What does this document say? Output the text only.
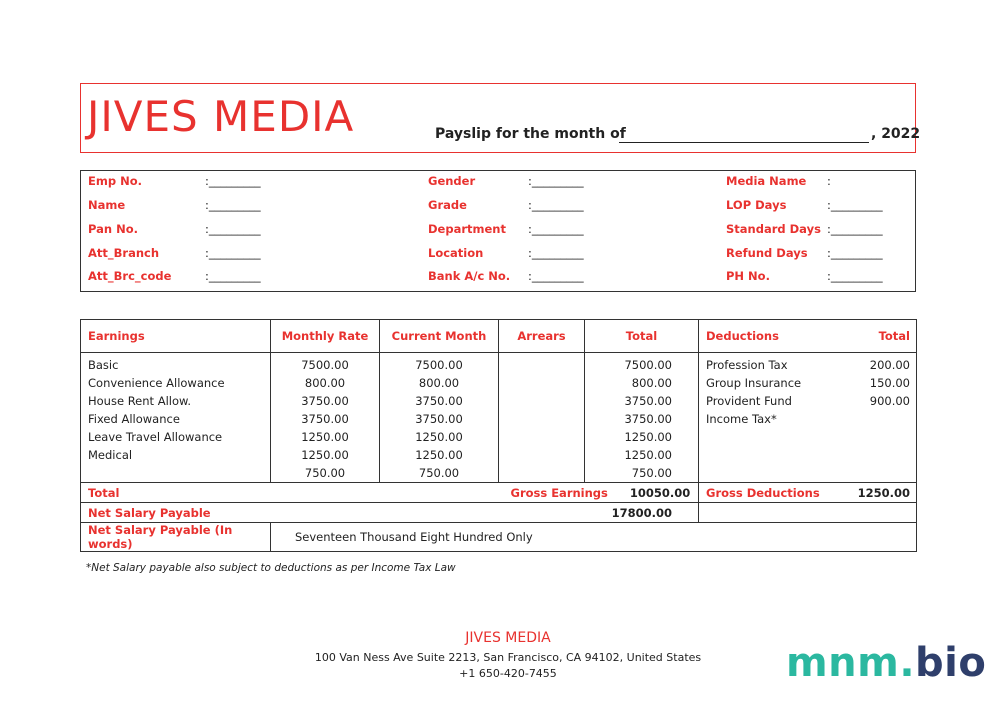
JIVES MEDIA	Payslip for the month of	, 2022
Emp No.	:_________
Name	:_________
Pan No.	:_________
Att_Branch	:_________
Att_Brc_code	:_________
Gender	:_________
Grade	:_________
Department :_________
Location	:_________
Bank A/c No. :_________
Media Name :
LOP Days	:_________
Standard Days :_________
Refund Days :_________
PH No.	:_________
Earnings	Monthly Rate	Current Month	Arrears	Total	Deductions	Total
Basic	7500.00	7500.00		7500.00	Profession Tax	200.00
Convenience Allowance	800.00	800.00		800.00	Group Insurance	150.00
House Rent Allow.	3750.00	3750.00		3750.00	Provident Fund	900.00
Fixed Allowance	3750.00	3750.00		3750.00	Income Tax*	
Leave Travel Allowance	1250.00	1250.00		1250.00		
Medical	1250.00	1250.00		1250.00		
	750.00	750.00		750.00		
Total			Gross Earnings 10050.00		Gross Deductions	1250.00
Net Salary Payable				17800.00		
Net Salary Payable (In words)	Seventeen Thousand Eight Hundred Only					
*Net Salary payable also subject to deductions as per Income Tax Law
JIVES MEDIA
100 Van Ness Ave Suite 2213, San Francisco, CA 94102, United States
+1 650-420-7455	mnm.bio
